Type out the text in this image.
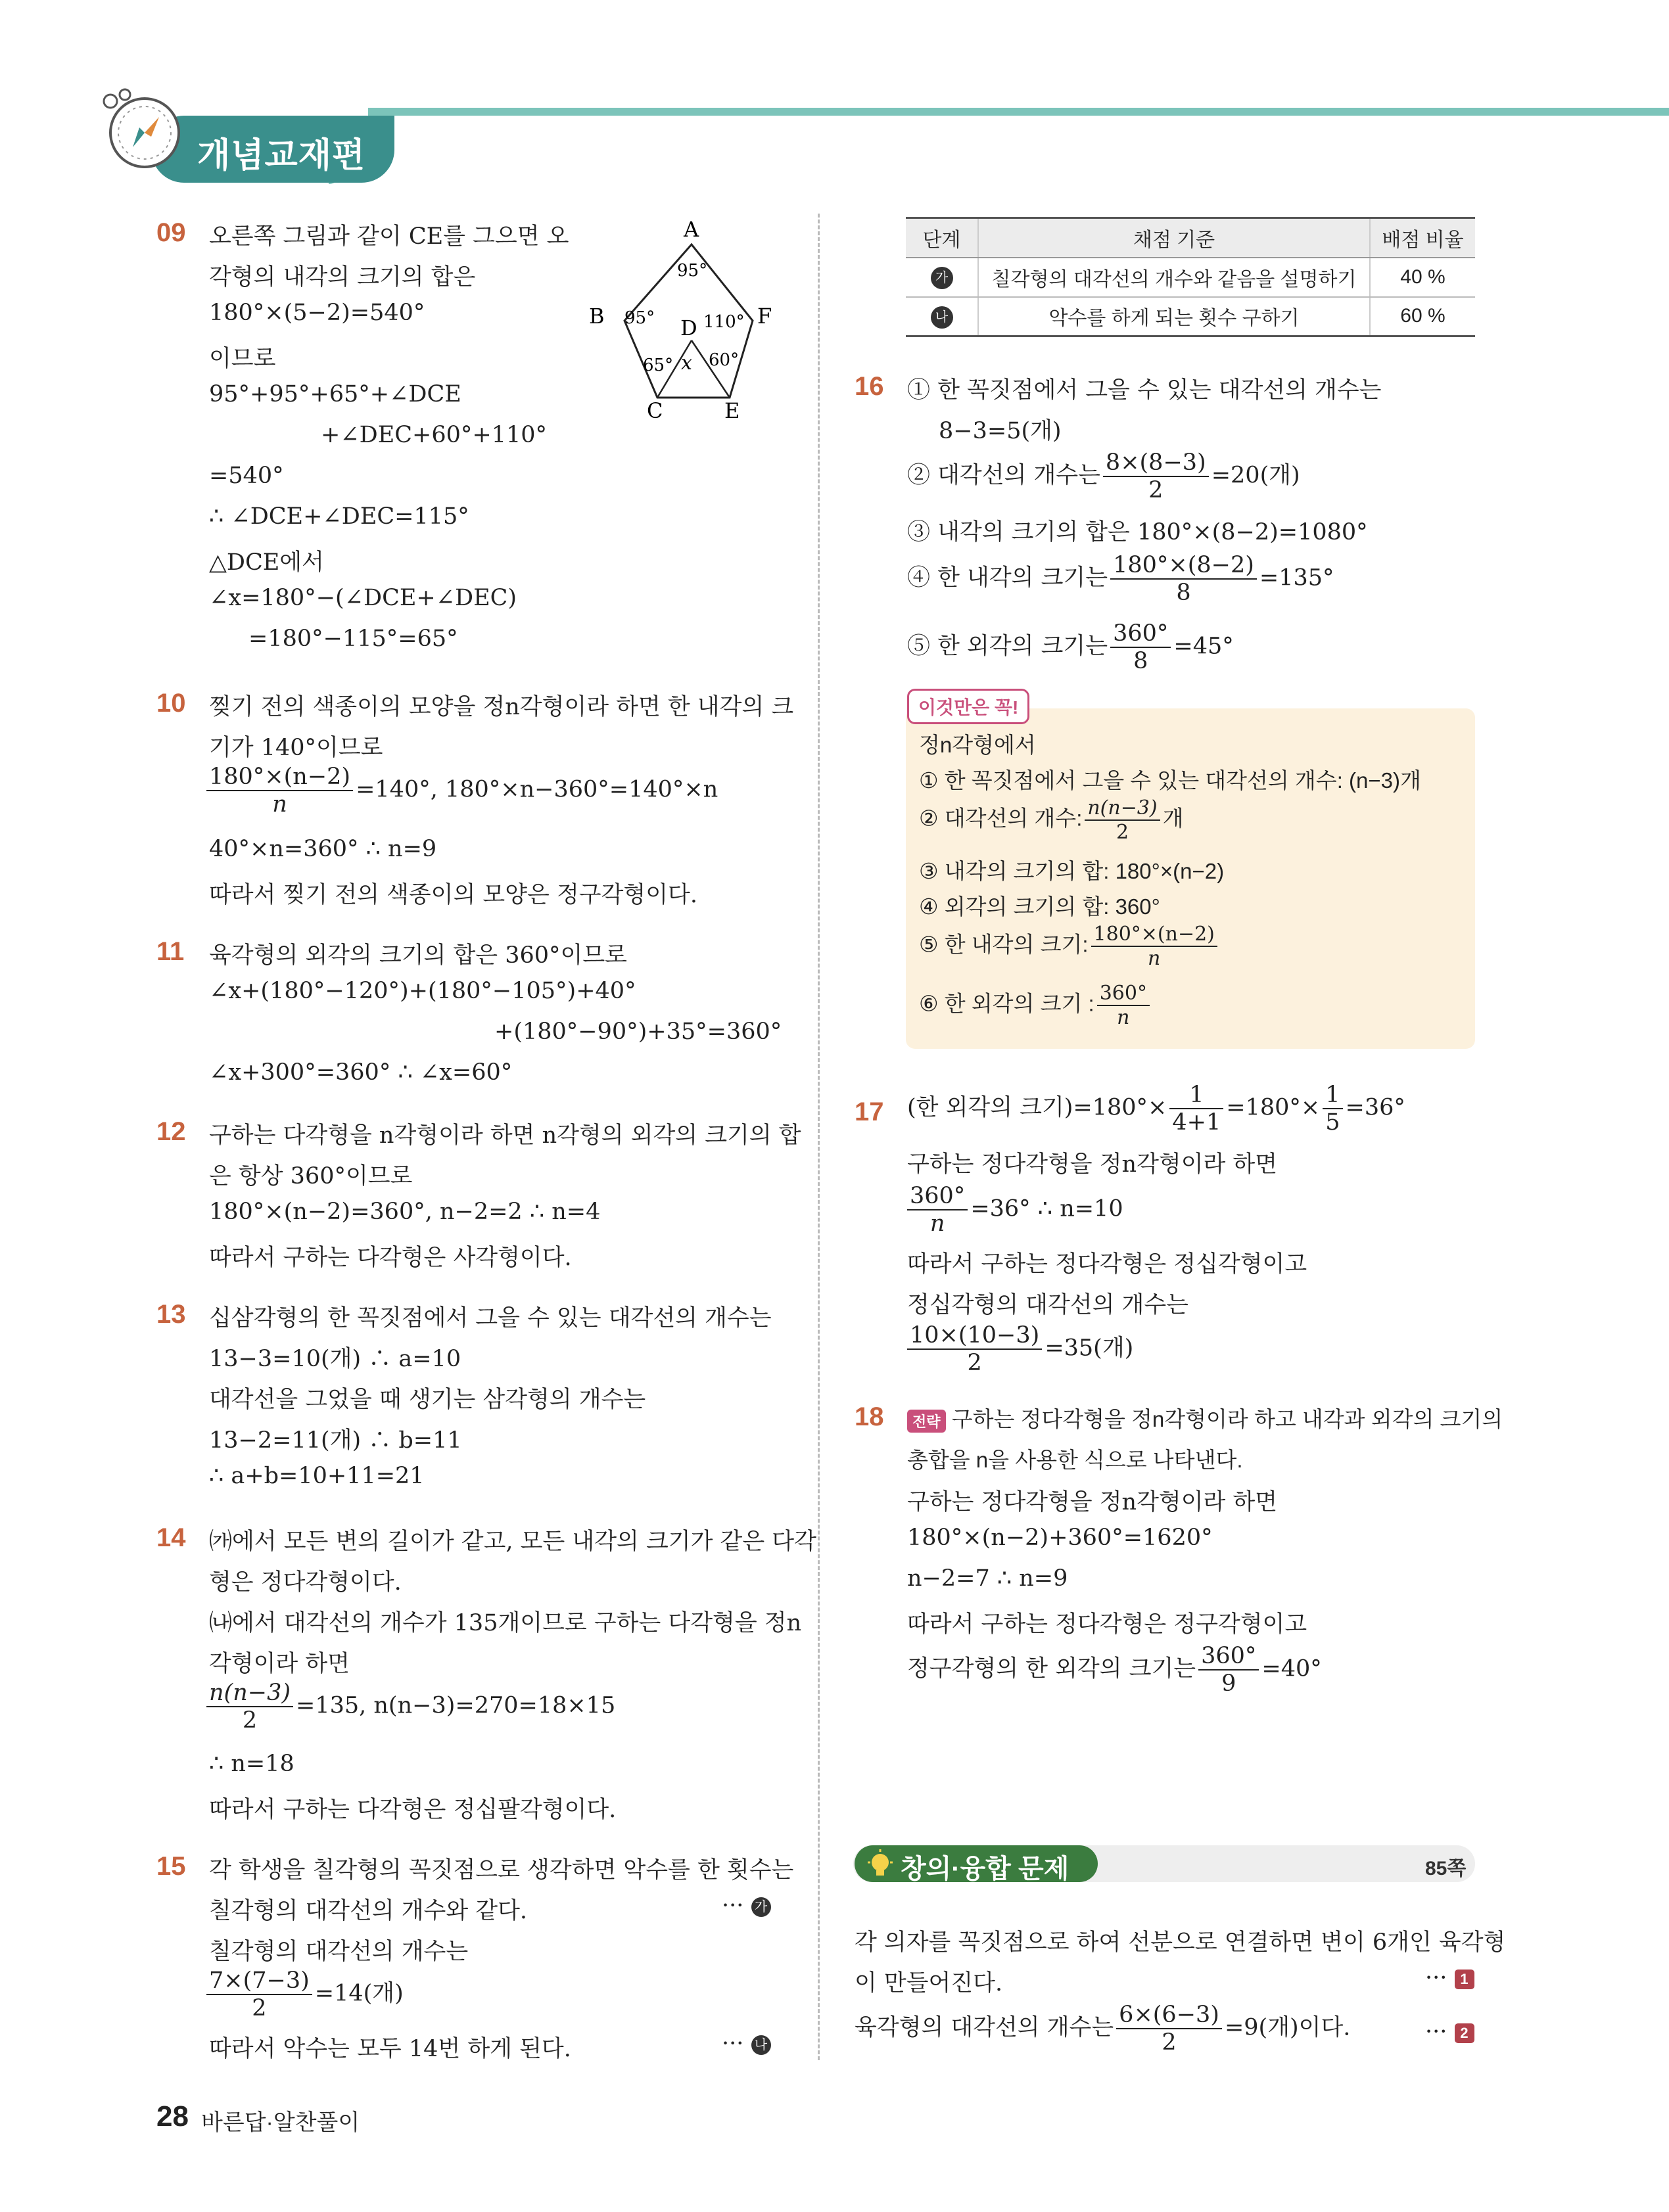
개념교재편
09 오른쪽 그림과 같이 CE를 그으면 오
각형의 내각의 크기의 합은
180°×(5−2)=540°
이므로
95°+95°+65°+∠DCE
+∠DEC+60°+110°
=540°
∴ ∠DCE+∠DEC=115°
△DCE에서
∠x=180°−(∠DCE+∠DEC)
=180°−115°=65°
A
95°
B 95° D 110° F
65° x 60°
C	E
10 찢기 전의 색종이의 모양을 정n각형이라 하면 한 내각의 크
기가 140°이므로
$\frac{180^\circ\times(n-2)}{n} =140^\circ$, 180°×n−360°=140°×n
40°×n=360° ∴ n=9
따라서 찢기 전의 색종이의 모양은 정구각형이다.
11 육각형의 외각의 크기의 합은 360°이므로
∠x+(180°−120°)+(180°−105°)+40°
+(180°−90°)+35°=360°
∠x+300°=360° ∴ ∠x=60°
12 구하는 다각형을 n각형이라 하면 n각형의 외각의 크기의 합
은 항상 360°이므로
180°×(n−2)=360°, n−2=2 ∴ n=4
따라서 구하는 다각형은 사각형이다.
13 십삼각형의 한 꼭짓점에서 그을 수 있는 대각선의 개수는
13−3=10(개) ∴ a=10
대각선을 그었을 때 생기는 삼각형의 개수는
13−2=11(개) ∴ b=11
∴ a+b=10+11=21
14 ㈎에서 모든 변의 길이가 같고, 모든 내각의 크기가 같은 다각
형은 정다각형이다.
㈏에서 대각선의 개수가 135개이므로 구하는 다각형을 정n
각형이라 하면
$\frac{n(n-3)}{2} =135$, n(n−3)=270=18×15
∴ n=18
따라서 구하는 다각형은 정십팔각형이다.
15 각 학생을 칠각형의 꼭짓점으로 생각하면 악수를 한 횟수는
칠각형의 대각선의 개수와 같다.	··· 가
칠각형의 대각선의 개수는
$\frac{7\times(7-3)}{2} =14$(개)
따라서 악수는 모두 14번 하게 된다.	··· 나
단계	채점 기준	배점 비율
가	칠각형의 대각선의 개수와 같음을 설명하기	40 %
나	악수를 하게 되는 횟수 구하기	60 %
16 ① 한 꼭짓점에서 그을 수 있는 대각선의 개수는
8−3=5(개)
② 대각선의 개수는 $\frac{8\times(8-3)}{2} =20$(개)
③ 내각의 크기의 합은 180°×(8−2)=1080°
④ 한 내각의 크기는 $\frac{180^\circ\times(8-2)}{8} =135^\circ$
⑤ 한 외각의 크기는 $\frac{360^\circ}{8} =45^\circ$
이것만은 꼭!
정n각형에서
① 한 꼭짓점에서 그을 수 있는 대각선의 개수: (n−3)개
② 대각선의 개수: $\frac{n(n-3)}{2}$ 개
③ 내각의 크기의 합: 180°×(n−2)
④ 외각의 크기의 합: 360°
⑤ 한 내각의 크기: $\frac{180^\circ\times(n-2)}{n}$
⑥ 한 외각의 크기 : $\frac{360^\circ}{n}$
17 (한 외각의 크기)$=180^\circ\times \frac{1}{4+1} =180^\circ\times \frac{1}{5} =36^\circ$
구하는 정다각형을 정n각형이라 하면
$\frac{360^\circ}{n} =36^\circ$ ∴ n=10
따라서 구하는 정다각형은 정십각형이고
정십각형의 대각선의 개수는
$\frac{10\times(10-3)}{2} =35$(개)
18	전략 구하는 정다각형을 정n각형이라 하고 내각과 외각의 크기의
총합을 n을 사용한 식으로 나타낸다.
구하는 정다각형을 정n각형이라 하면
180°×(n−2)+360°=1620°
n−2=7 ∴ n=9
따라서 구하는 정다각형은 정구각형이고
정구각형의 한 외각의 크기는 $\frac{360^\circ}{9} =40^\circ$
창의·융합 문제	85쪽
각 의자를 꼭짓점으로 하여 선분으로 연결하면 변이 6개인 육각형
이 만들어진다.	··· 1
육각형의 대각선의 개수는 $\frac{6\times(6-3)}{2} =9$(개)이다.	··· 2
28 바른답·알찬풀이
